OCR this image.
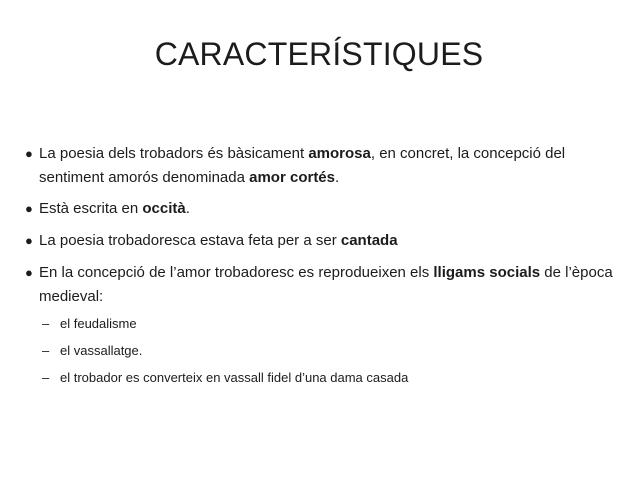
CARACTERÍSTIQUES
● La poesia dels trobadors és bàsicament amorosa, en concret, la concepció del sentiment amorós denominada amor cortés.
● Està escrita en occità.
● La poesia trobadoresca estava feta per a ser cantada
● En la concepció de l’amor trobadoresc es reprodueixen els lligams socials de l’època medieval:
– el feudalisme
– el vassallatge.
– el trobador es converteix en vassall fidel d’una dama casada
